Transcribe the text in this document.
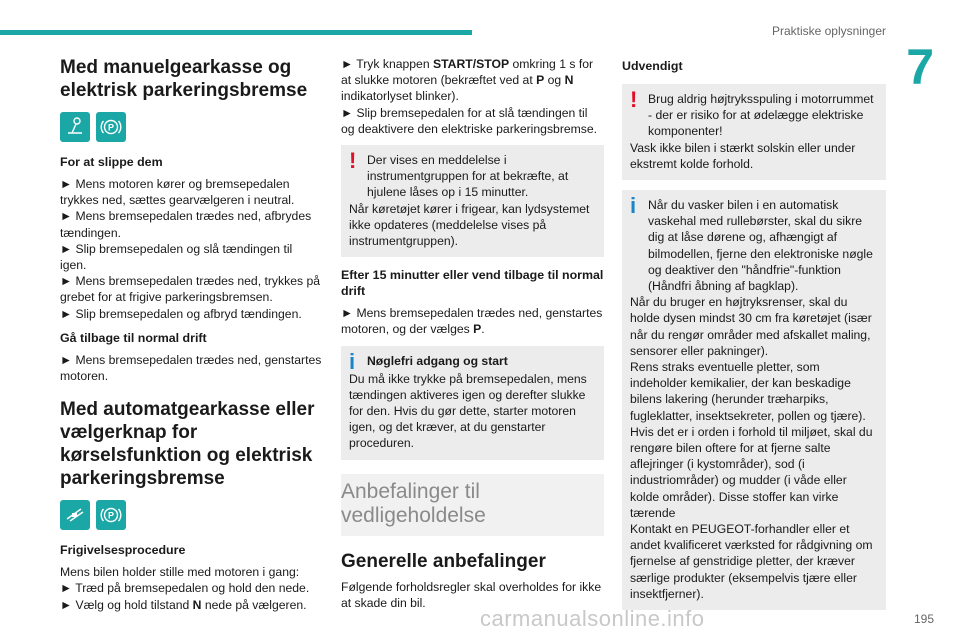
Praktiske oplysninger
7
Med manuelgearkasse og elektrisk parkeringsbremse
P
For at slippe dem

► Mens motoren kører og bremsepedalen trykkes ned, sættes gearvælgeren i neutral.

► Mens bremsepedalen trædes ned, afbrydes tændingen.

► Slip bremsepedalen og slå tændingen til igen.

► Mens bremsepedalen trædes ned, trykkes på grebet for at frigive parkeringsbremsen.

► Slip bremsepedalen og afbryd tændingen.

Gå tilbage til normal drift

► Mens bremsepedalen trædes ned, genstartes motoren.

Med automatgearkasse eller vælgerknap for kørselsfunktion og elektrisk parkeringsbremse
P
Frigivelsesprocedure

Mens bilen holder stille med motoren i gang:

► Træd på bremsepedalen og hold den nede.

► Vælg og hold tilstand N nede på vælgeren.

► Tryk knappen START/STOP omkring 1 s for at slukke motoren (bekræftet ved at P og N indikatorlyset blinker).

► Slip bremsepedalen for at slå tændingen til og deaktivere den elektriske parkeringsbremse.

! Der vises en meddelelse i instrumentgruppen for at bekræfte, at hjulene låses op i 15 minutter.

Når køretøjet kører i frigear, kan lydsystemet ikke opdateres (meddelelse vises på instrumentgruppen).

Efter 15 minutter eller vend tilbage til normal drift

► Mens bremsepedalen trædes ned, genstartes motoren, og der vælges P.

i Nøglefri adgang og start

Du må ikke trykke på bremsepedalen, mens tændingen aktiveres igen og derefter slukke for den. Hvis du gør dette, starter motoren igen, og det kræver, at du genstarter proceduren.

Anbefalinger til
vedligeholdelse
Generelle anbefalinger

Følgende forholdsregler skal overholdes for ikke at skade din bil.

Udvendigt
! Brug aldrig højtryksspuling i motorrummet - der er risiko for at ødelægge elektriske komponenter!

Vask ikke bilen i stærkt solskin eller under ekstremt kolde forhold.

i Når du vasker bilen i en automatisk vaskehal med rullebørster, skal du sikre dig at låse dørene og, afhængigt af bilmodellen, fjerne den elektroniske nøgle og deaktiver den "håndfrie"-funktion (Håndfri åbning af bagklap).

Når du bruger en højtryksrenser, skal du holde dysen mindst 30 cm fra køretøjet (især når du rengør områder med afskallet maling, sensorer eller pakninger).

Rens straks eventuelle pletter, som indeholder kemikalier, der kan beskadige bilens lakering (herunder træharpiks, fugleklatter, insektsekreter, pollen og tjære).

Hvis det er i orden i forhold til miljøet, skal du rengøre bilen oftere for at fjerne salte aflejringer (i kystområder), sod (i industriområder) og mudder (i våde eller kolde områder). Disse stoffer kan virke tærende

Kontakt en PEUGEOT-forhandler eller et andet kvalificeret værksted for rådgivning om fjernelse af genstridige pletter, der kræver særlige produkter (eksempelvis tjære eller insektfjerner).

carmanualsonline.info	195
